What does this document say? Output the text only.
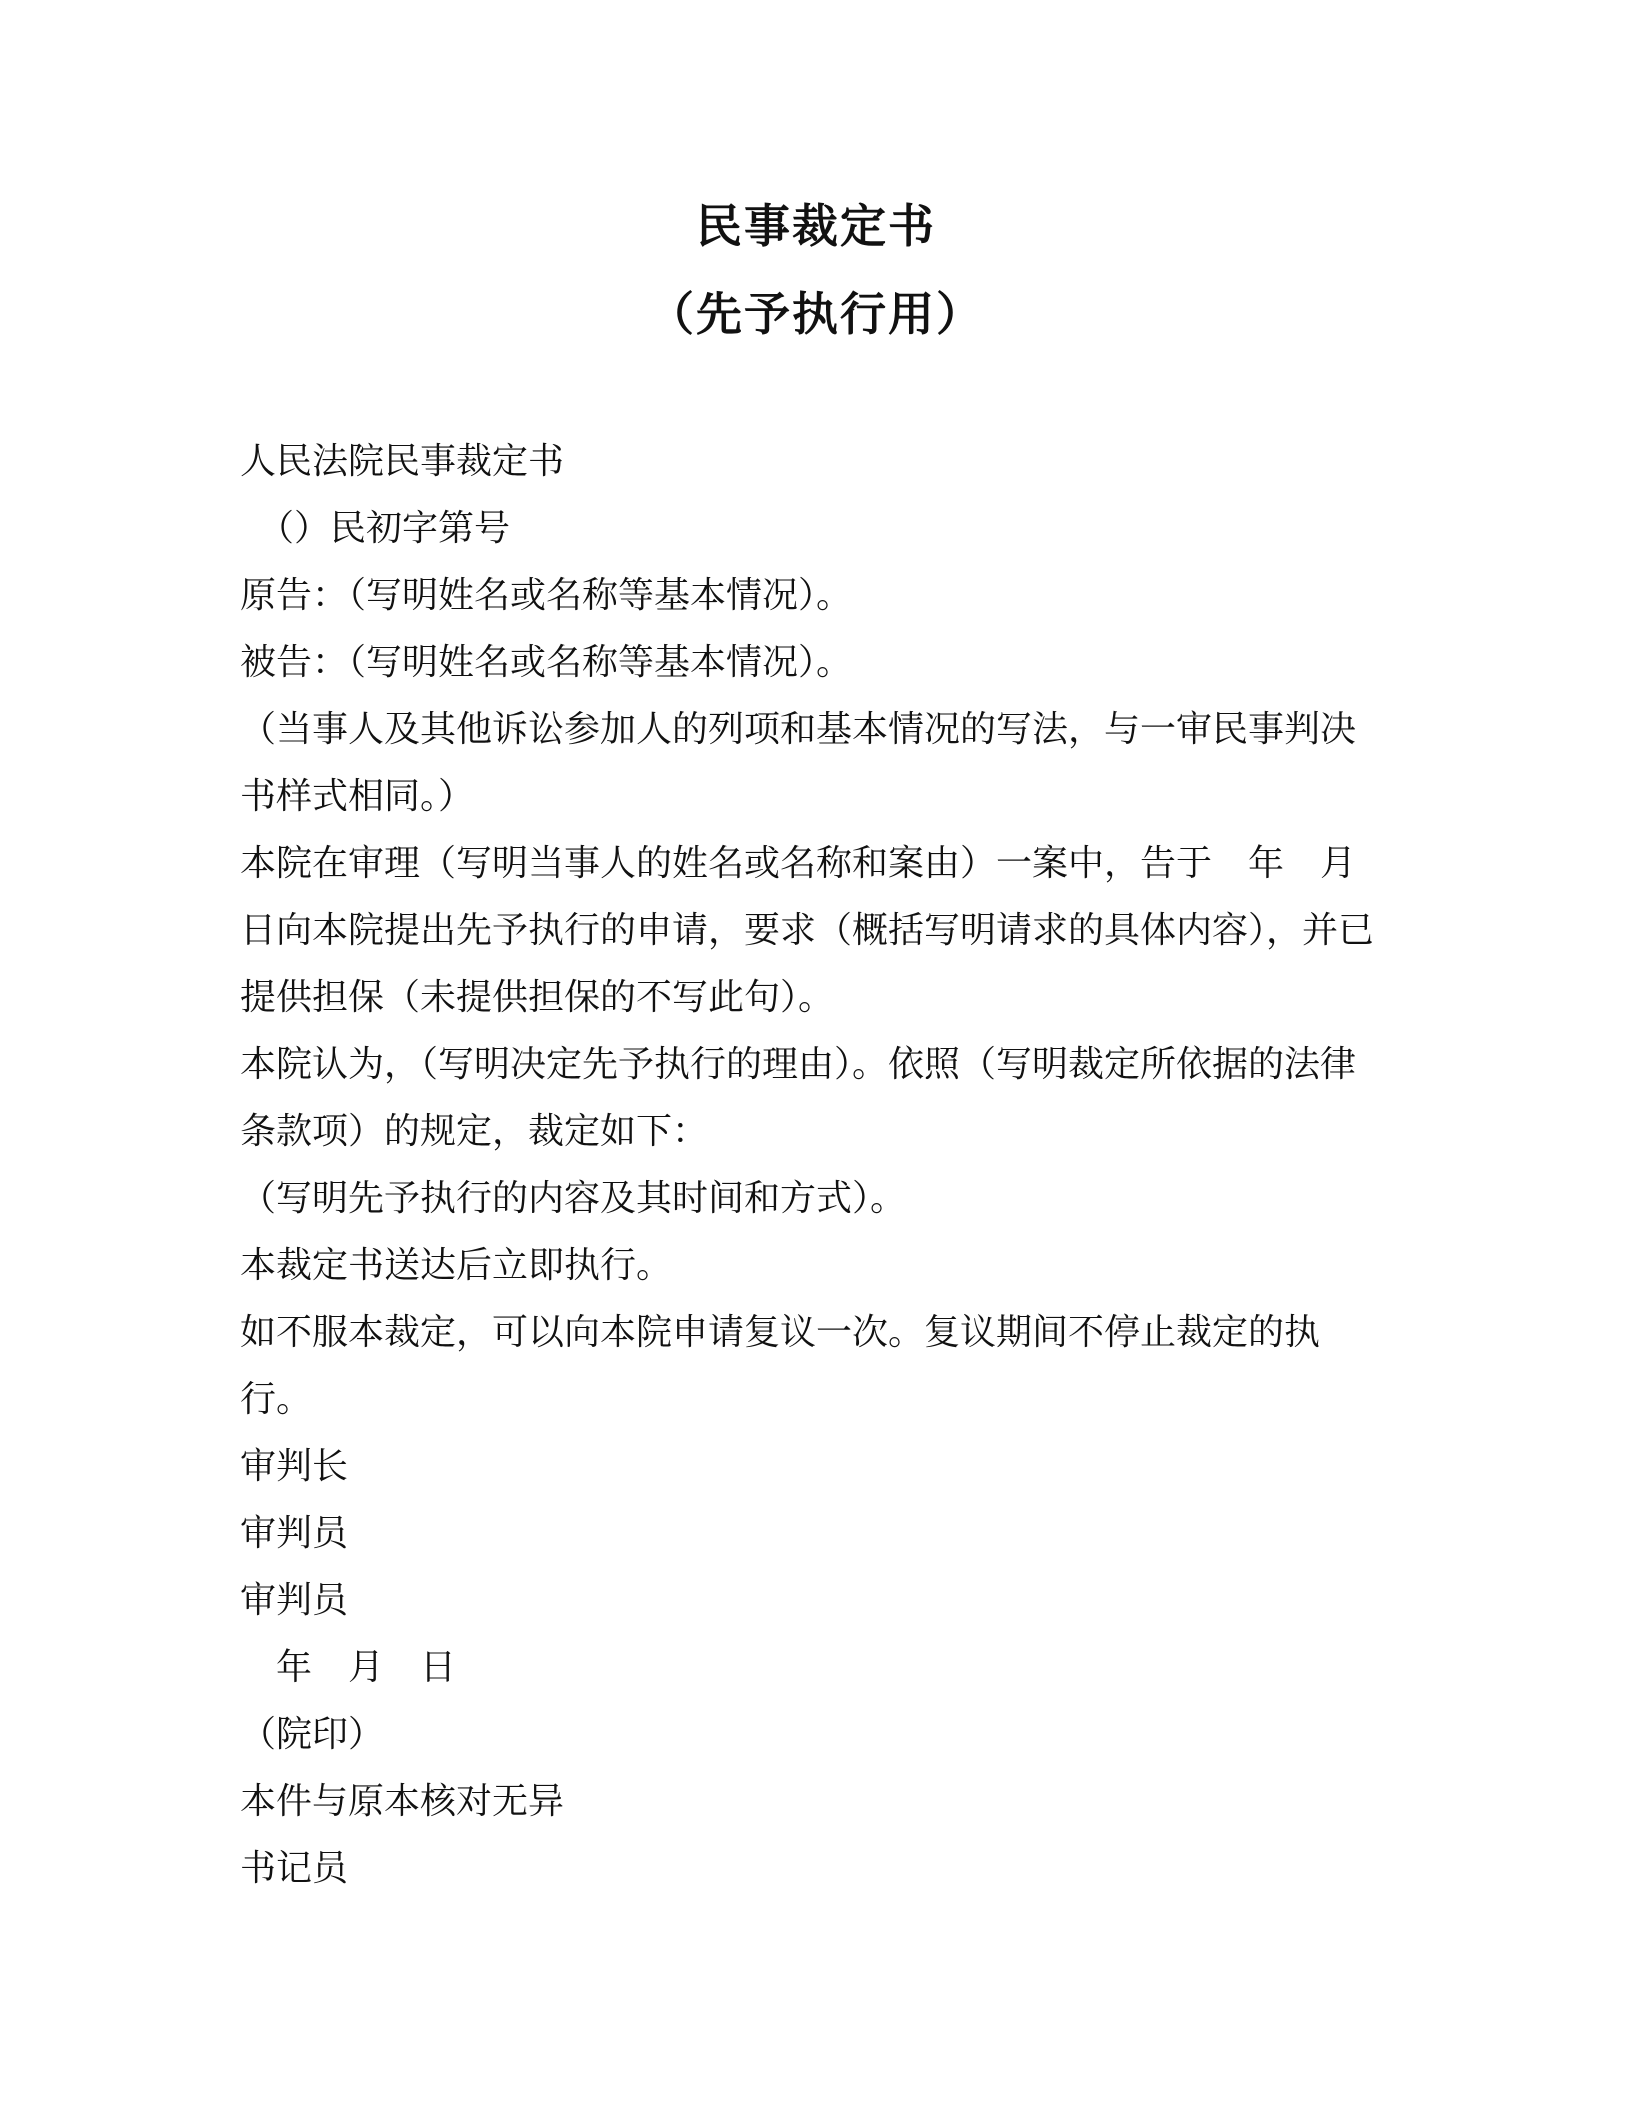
民事裁定书
（先予执行用）

人民法院民事裁定书

（）民初字第号

原告：（写明姓名或名称等基本情况）。

被告：（写明姓名或名称等基本情况）。

（当事人及其他诉讼参加人的列项和基本情况的写法，与一审民事判决书样式相同。）

本院在审理（写明当事人的姓名或名称和案由）一案中，告于　年　月日向本院提出先予执行的申请，要求（概括写明请求的具体内容），并已提供担保（未提供担保的不写此句）。

本院认为，（写明决定先予执行的理由）。依照（写明裁定所依据的法律条款项）的规定，裁定如下：

（写明先予执行的内容及其时间和方式）。

本裁定书送达后立即执行。

如不服本裁定，可以向本院申请复议一次。复议期间不停止裁定的执行。

审判长

审判员

审判员

　年　月　日

（院印）

本件与原本核对无异

书记员
